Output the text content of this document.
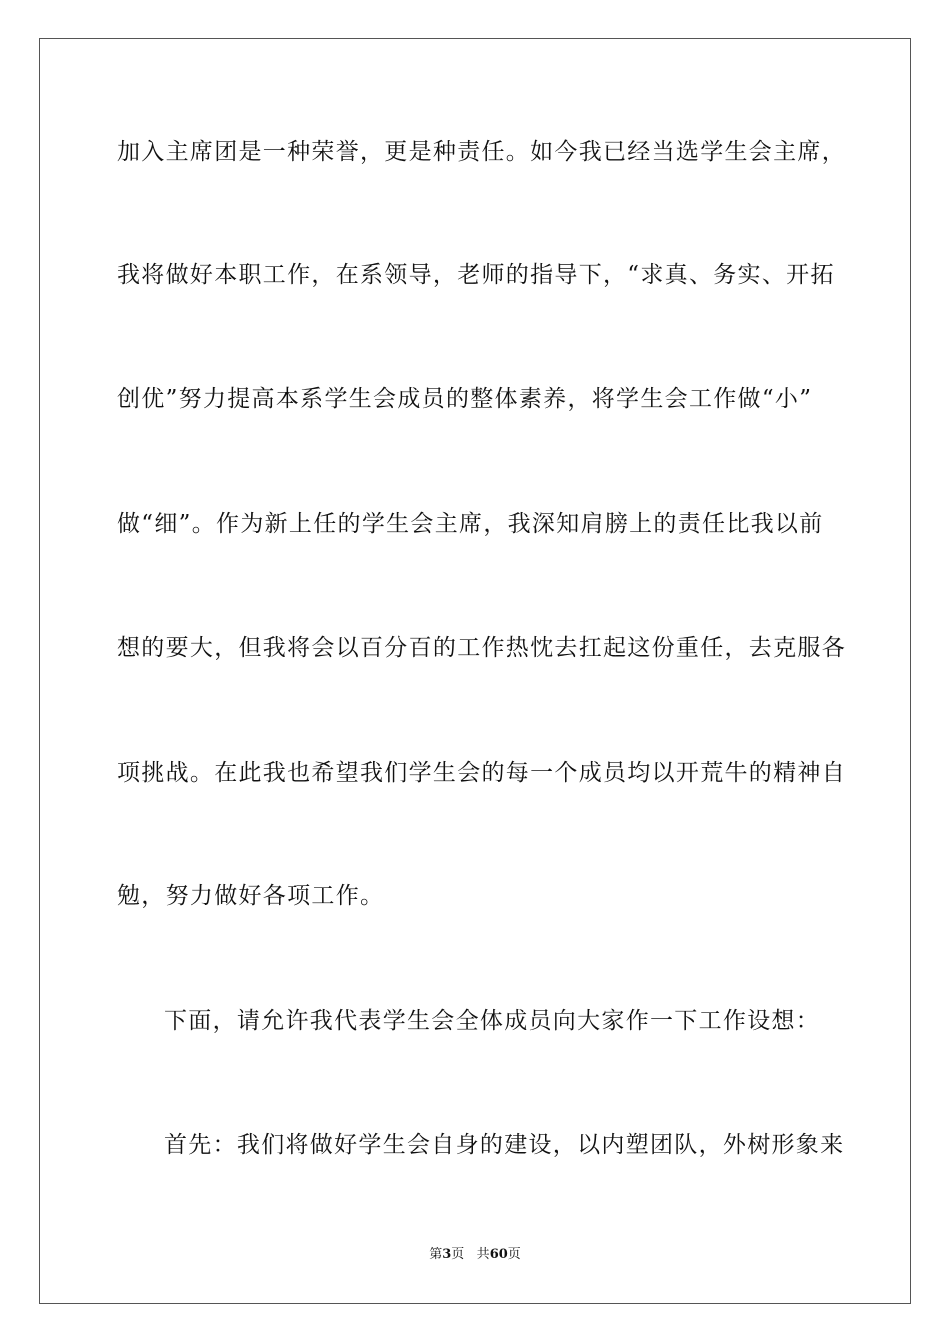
加入主席团是一种荣誉，更是种责任。如今我已经当选学生会主席，
我将做好本职工作，在系领导，老师的指导下，“求真、务实、开拓
创优”努力提高本系学生会成员的整体素养，将学生会工作做“小”
做“细”。作为新上任的学生会主席，我深知肩膀上的责任比我以前
想的要大，但我将会以百分百的工作热忱去扛起这份重任，去克服各
项挑战。在此我也希望我们学生会的每一个成员均以开荒牛的精神自
勉，努力做好各项工作。
下面，请允许我代表学生会全体成员向大家作一下工作设想：
首先：我们将做好学生会自身的建设，以内塑团队，外树形象来
第3页 共60页
